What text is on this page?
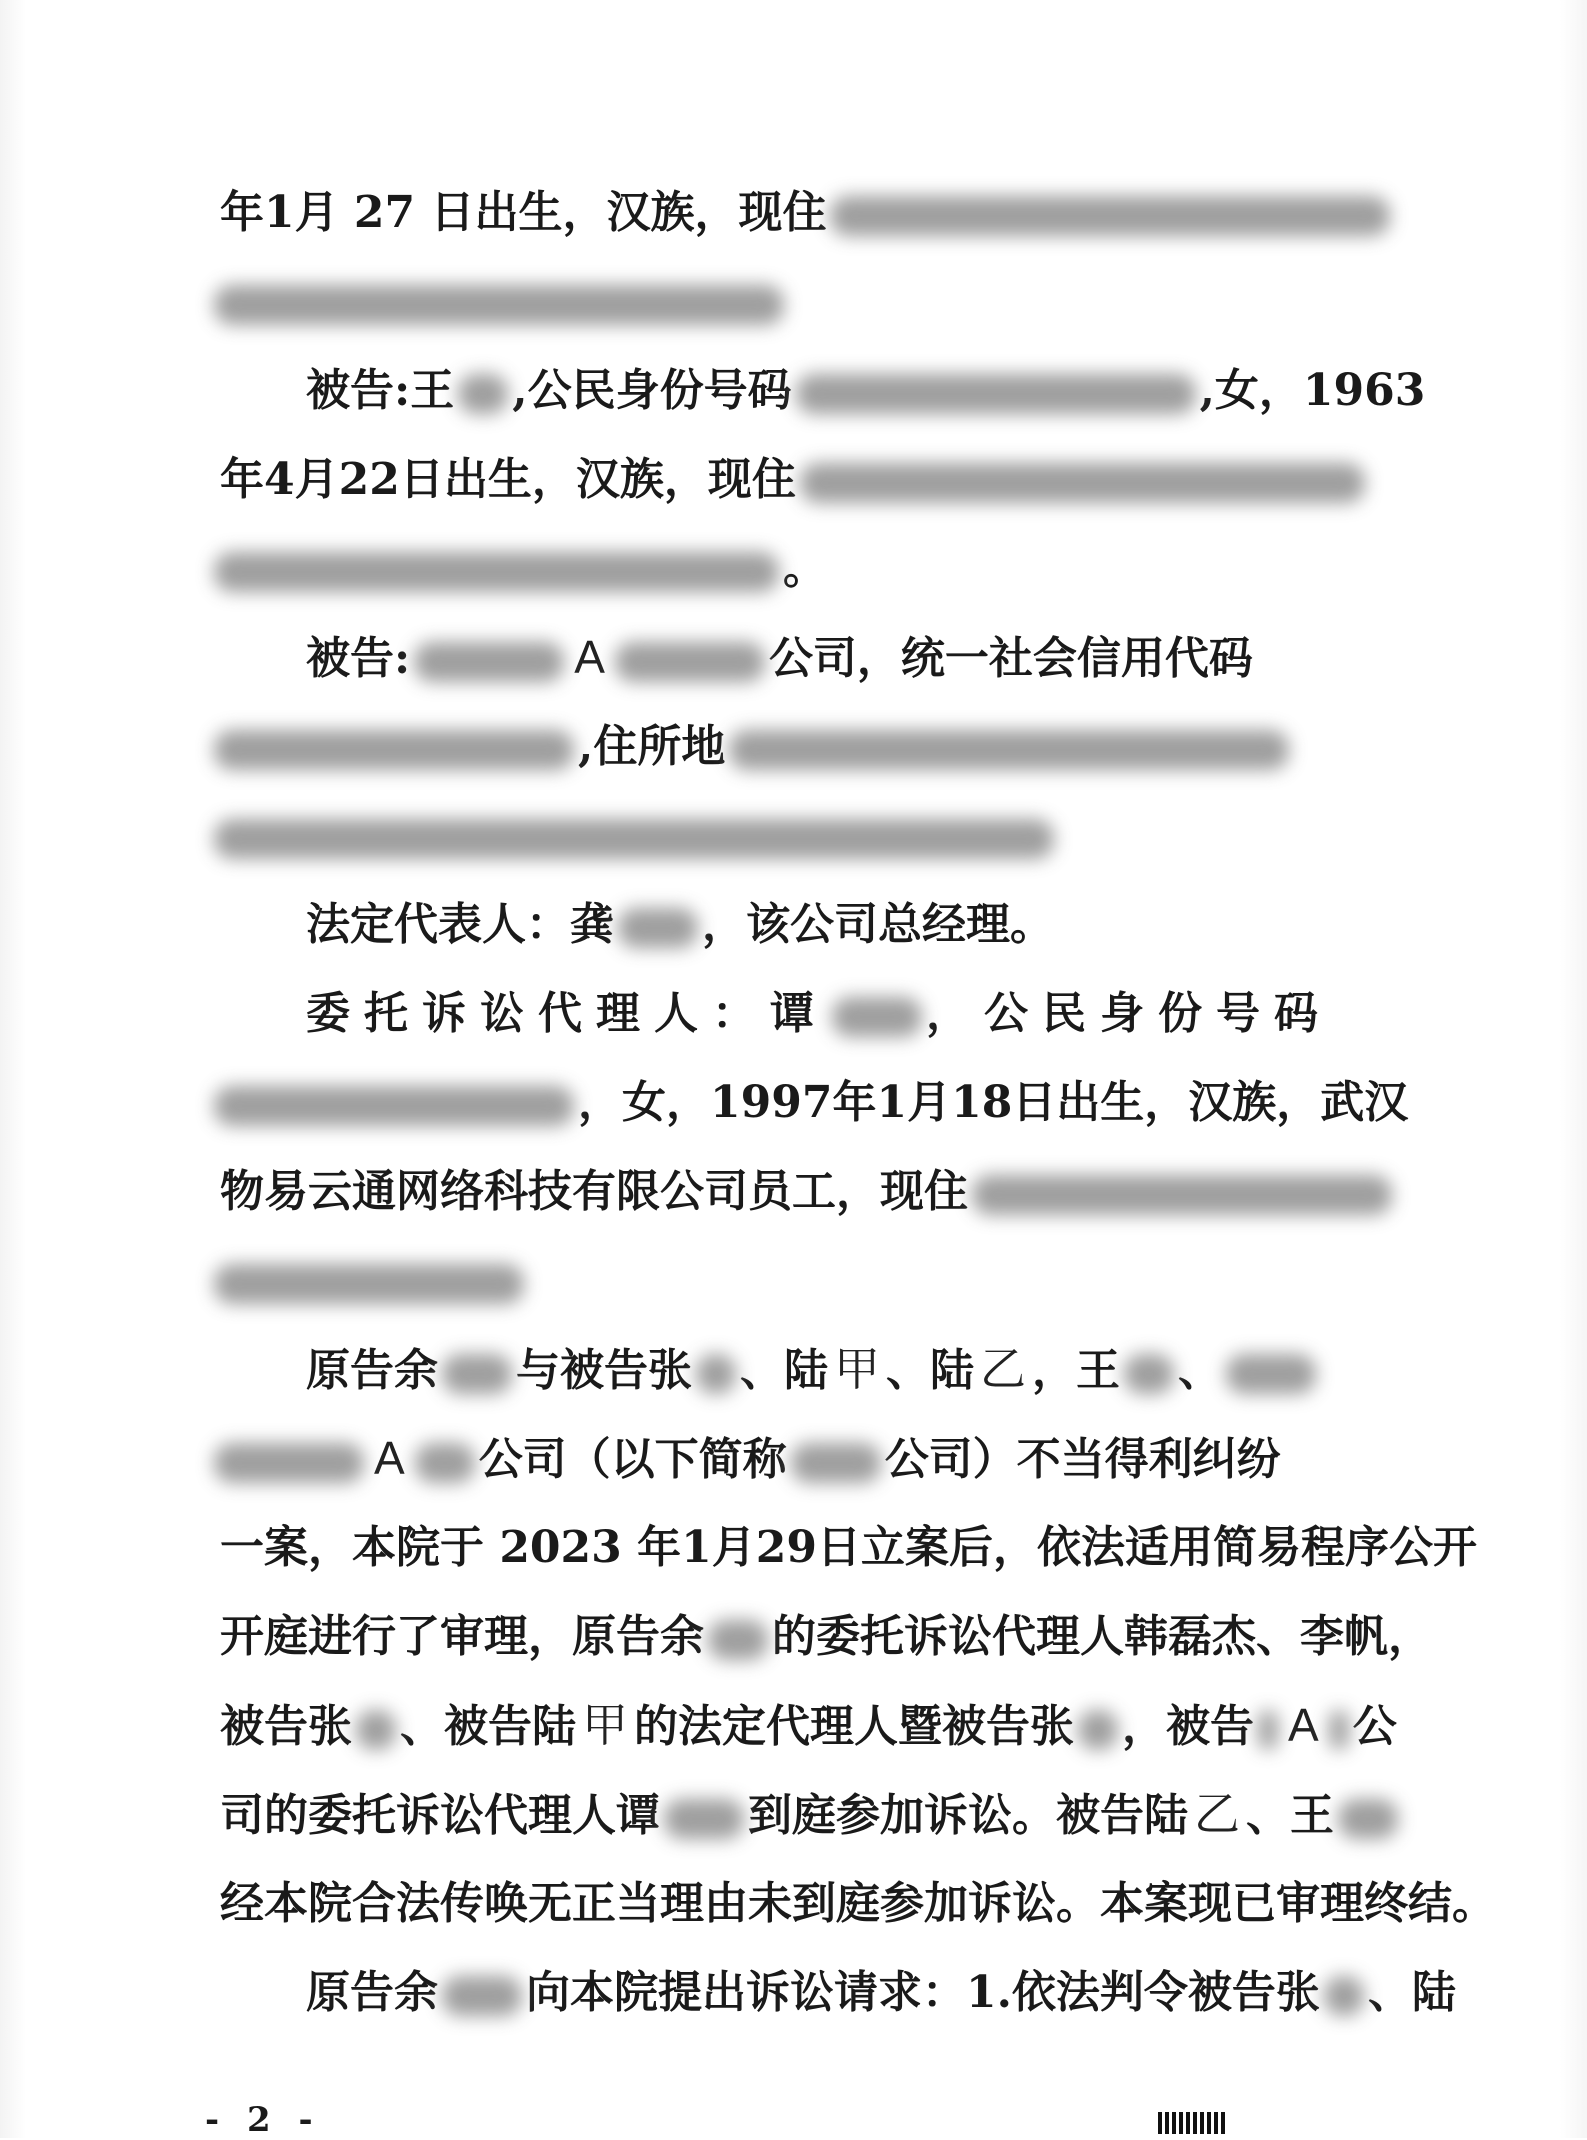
年1月 27 日出生，汉族，现住
被告:王 ,公民身份号码	,女，1963
年4月22日出生，汉族，现住
。
被告:	A	公司，统一社会信用代码
,住所地
法定代表人：龚 ，该公司总经理。
委托诉讼代理人：谭 ，公民身份号码
，女，1997年1月18日出生，汉族，武汉
物易云通网络科技有限公司员工，现住
原告余 与被告张 、陆 甲 、陆 乙 ，王 、
A 公司（以下简称 公司）不当得利纠纷
一案，本院于 2023 年1月29日立案后，依法适用简易程序公开
开庭进行了审理，原告余 的委托诉讼代理人韩磊杰、李帆，
被告张 、被告陆 甲 的法定代理人暨被告张 ，被告 A 公
司的委托诉讼代理人谭 到庭参加诉讼。被告陆 乙 、王
经本院合法传唤无正当理由未到庭参加诉讼。本案现已审理终结。
原告余 向本院提出诉讼请求：1.依法判令被告张 、陆
- 2 -
